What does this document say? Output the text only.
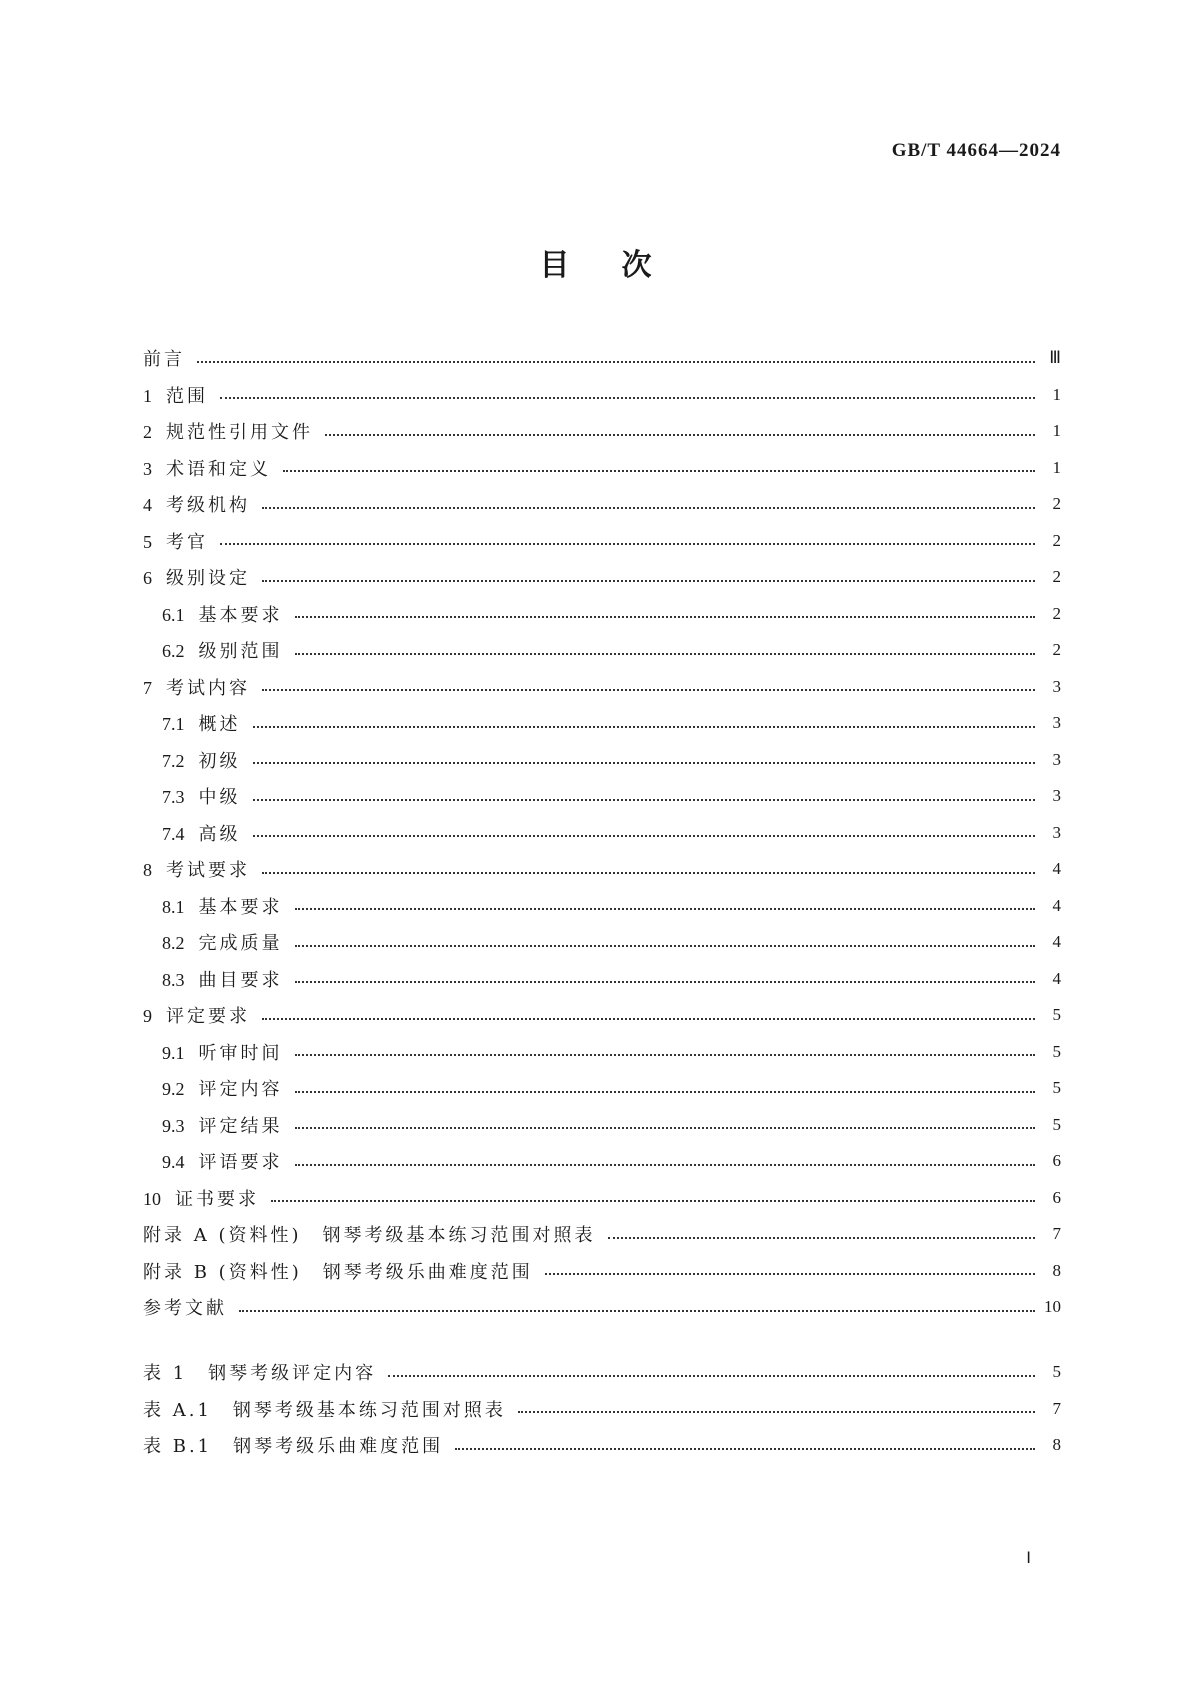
GB/T 44664—2024
目次
前言	Ⅲ
1 范围	1
2 规范性引用文件	1
3 术语和定义	1
4 考级机构	2
5 考官	2
6 级别设定	2
6.1 基本要求	2
6.2 级别范围	2
7 考试内容	3
7.1 概述	3
7.2 初级	3
7.3 中级	3
7.4 高级	3
8 考试要求	4
8.1 基本要求	4
8.2 完成质量	4
8.3 曲目要求	4
9 评定要求	5
9.1 听审时间	5
9.2 评定内容	5
9.3 评定结果	5
9.4 评语要求	6
10 证书要求	6
附录 A (资料性)　钢琴考级基本练习范围对照表	7
附录 B (资料性)　钢琴考级乐曲难度范围	8
参考文献	10
表 1　钢琴考级评定内容	5
表 A.1　钢琴考级基本练习范围对照表	7
表 B.1　钢琴考级乐曲难度范围	8
Ⅰ
